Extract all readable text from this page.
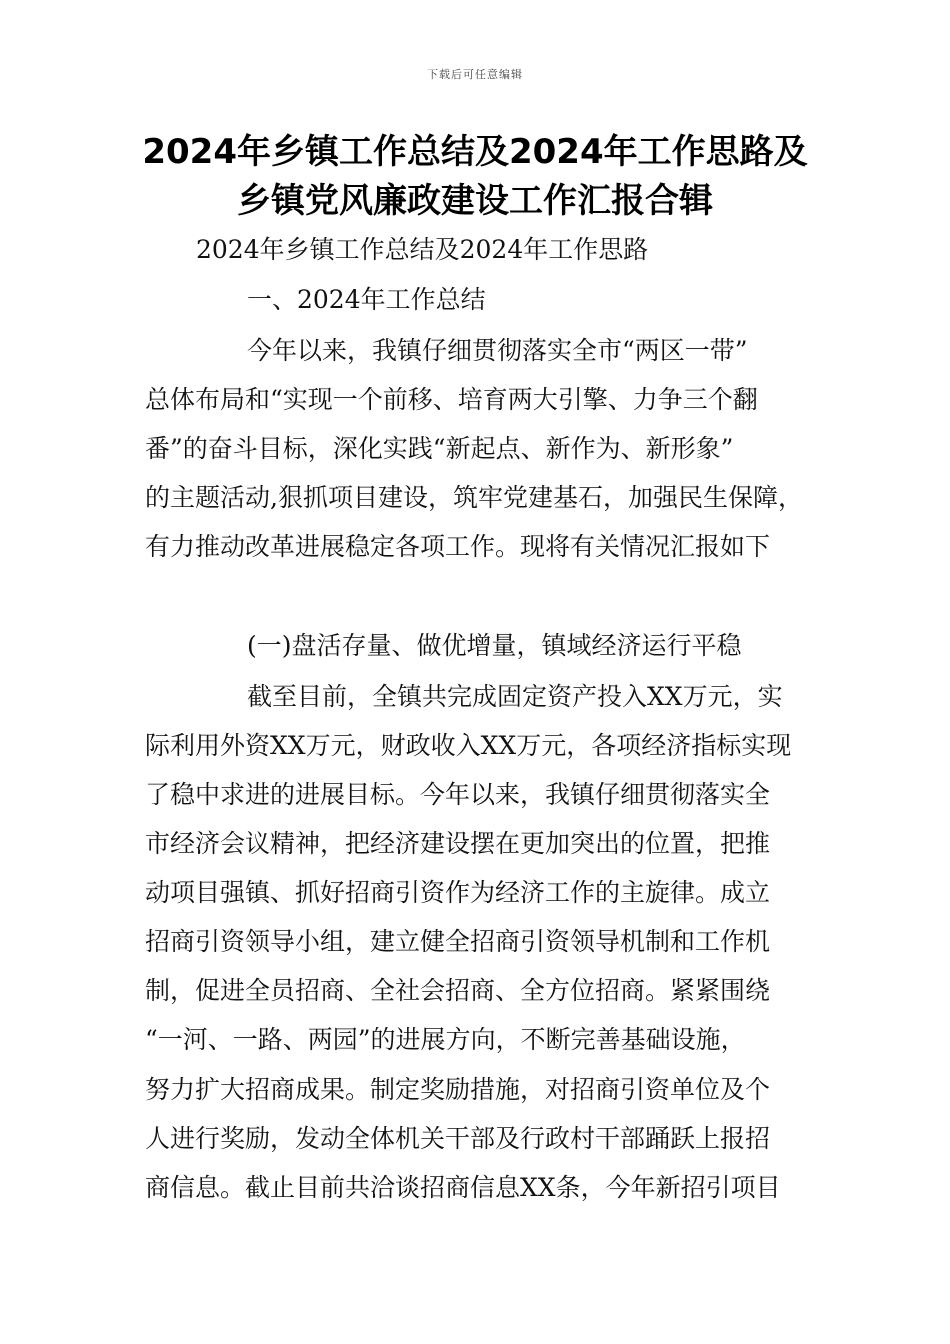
下载后可任意编辑
2024年乡镇工作总结及2024年工作思路及
乡镇党风廉政建设工作汇报合辑
2024年乡镇工作总结及2024年工作思路
一、2024年工作总结
今年以来，我镇仔细贯彻落实全市“两区一带”
总体布局和“实现一个前移、培育两大引擎、力争三个翻
番”的奋斗目标，深化实践“新起点、新作为、新形象”
的主题活动,狠抓项目建设，筑牢党建基石，加强民生保障，
有力推动改革进展稳定各项工作。现将有关情况汇报如下
(一)盘活存量、做优增量，镇域经济运行平稳
截至目前，全镇共完成固定资产投入XX万元，实
际利用外资XX万元，财政收入XX万元，各项经济指标实现
了稳中求进的进展目标。今年以来，我镇仔细贯彻落实全
市经济会议精神，把经济建设摆在更加突出的位置，把推
动项目强镇、抓好招商引资作为经济工作的主旋律。成立
招商引资领导小组，建立健全招商引资领导机制和工作机
制，促进全员招商、全社会招商、全方位招商。紧紧围绕
“一河、一路、两园”的进展方向，不断完善基础设施，
努力扩大招商成果。制定奖励措施，对招商引资单位及个
人进行奖励，发动全体机关干部及行政村干部踊跃上报招
商信息。截止目前共洽谈招商信息XX条，今年新招引项目
